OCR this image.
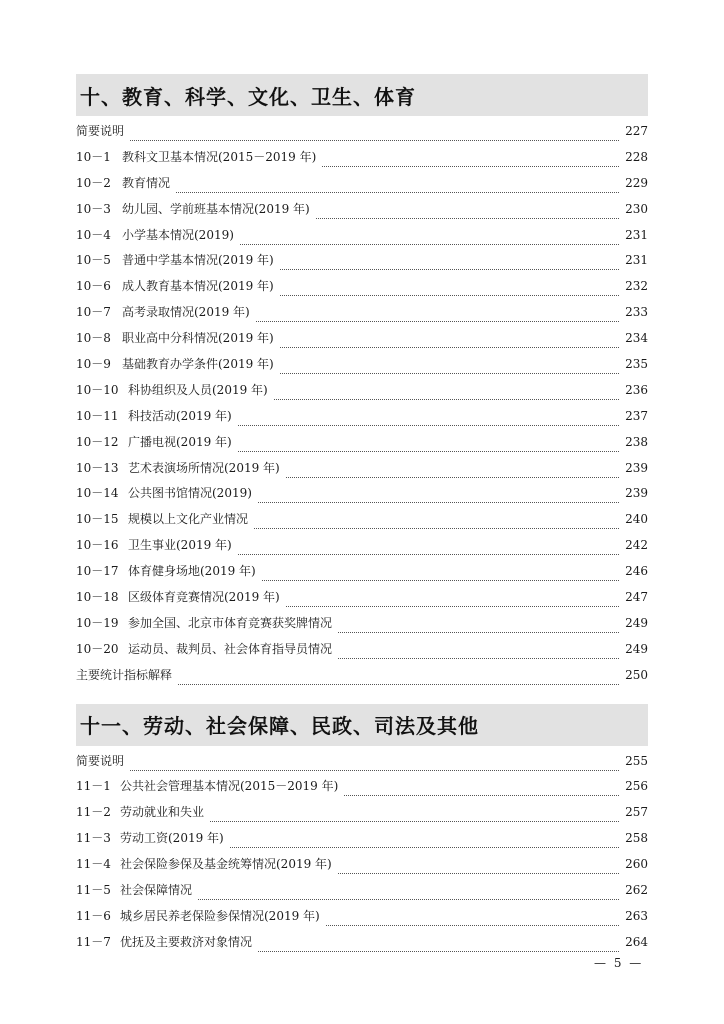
十、教育、科学、文化、卫生、体育
简要说明	227
10－1 教科文卫基本情况(2015－2019 年)	228
10－2 教育情况	229
10－3 幼儿园、学前班基本情况(2019 年)	230
10－4 小学基本情况(2019)	231
10－5 普通中学基本情况(2019 年)	231
10－6 成人教育基本情况(2019 年)	232
10－7 高考录取情况(2019 年)	233
10－8 职业高中分科情况(2019 年)	234
10－9 基础教育办学条件(2019 年)	235
10－10 科协组织及人员(2019 年)	236
10－11 科技活动(2019 年)	237
10－12 广播电视(2019 年)	238
10－13 艺术表演场所情况(2019 年)	239
10－14 公共图书馆情况(2019)	239
10－15 规模以上文化产业情况	240
10－16 卫生事业(2019 年)	242
10－17 体育健身场地(2019 年)	246
10－18 区级体育竞赛情况(2019 年)	247
10－19 参加全国、北京市体育竞赛获奖牌情况	249
10－20 运动员、裁判员、社会体育指导员情况	249
主要统计指标解释	250
十一、劳动、社会保障、民政、司法及其他
简要说明	255
11－1 公共社会管理基本情况(2015－2019 年)	256
11－2 劳动就业和失业	257
11－3 劳动工资(2019 年)	258
11－4 社会保险参保及基金统筹情况(2019 年)	260
11－5 社会保障情况	262
11－6 城乡居民养老保险参保情况(2019 年)	263
11－7 优抚及主要救济对象情况	264
— 5 —
